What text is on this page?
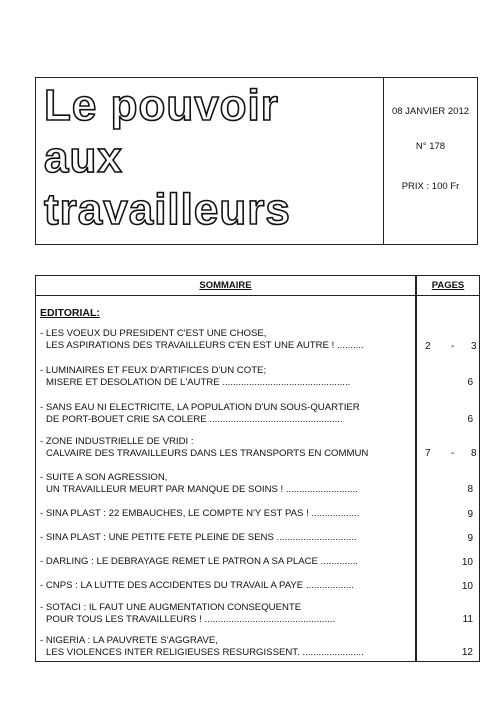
Le pouvoir
aux
travailleurs
08 JANVIER 2012
N° 178
PRIX : 100 Fr
SOMMAIRE	PAGES
EDITORIAL:
- LES VOEUX DU PRESIDENT C'EST UNE CHOSE,
LES ASPIRATIONS DES TRAVAILLEURS C'EN EST UNE AUTRE ! ..........	2 - 3
- LUMINAIRES ET FEUX D'ARTIFICES D'UN COTE;
MISERE ET DESOLATION DE L'AUTRE ................................................	6
- SANS EAU NI ELECTRICITE, LA POPULATION D'UN SOUS-QUARTIER
DE PORT-BOUET CRIE SA COLERE ..................................................	6
- ZONE INDUSTRIELLE DE VRIDI :
CALVAIRE DES TRAVAILLEURS DANS LES TRANSPORTS EN COMMUN	7 - 8
- SUITE A SON AGRESSION,
UN TRAVAILLEUR MEURT PAR MANQUE DE SOINS ! ...........................	8
- SINA PLAST : 22 EMBAUCHES, LE COMPTE N'Y EST PAS ! ..................	9
- SINA PLAST : UNE PETITE FETE PLEINE DE SENS ..............................	9
- DARLING : LE DEBRAYAGE REMET LE PATRON A SA PLACE ..............	10
- CNPS : LA LUTTE DES ACCIDENTES DU TRAVAIL A PAYE ..................	10
- SOTACI : IL FAUT UNE AUGMENTATION CONSEQUENTE
POUR TOUS LES TRAVAILLEURS ! .................................................	11
- NIGERIA : LA PAUVRETE S'AGGRAVE,
LES VIOLENCES INTER RELIGIEUSES RESURGISSENT. .......................	12
